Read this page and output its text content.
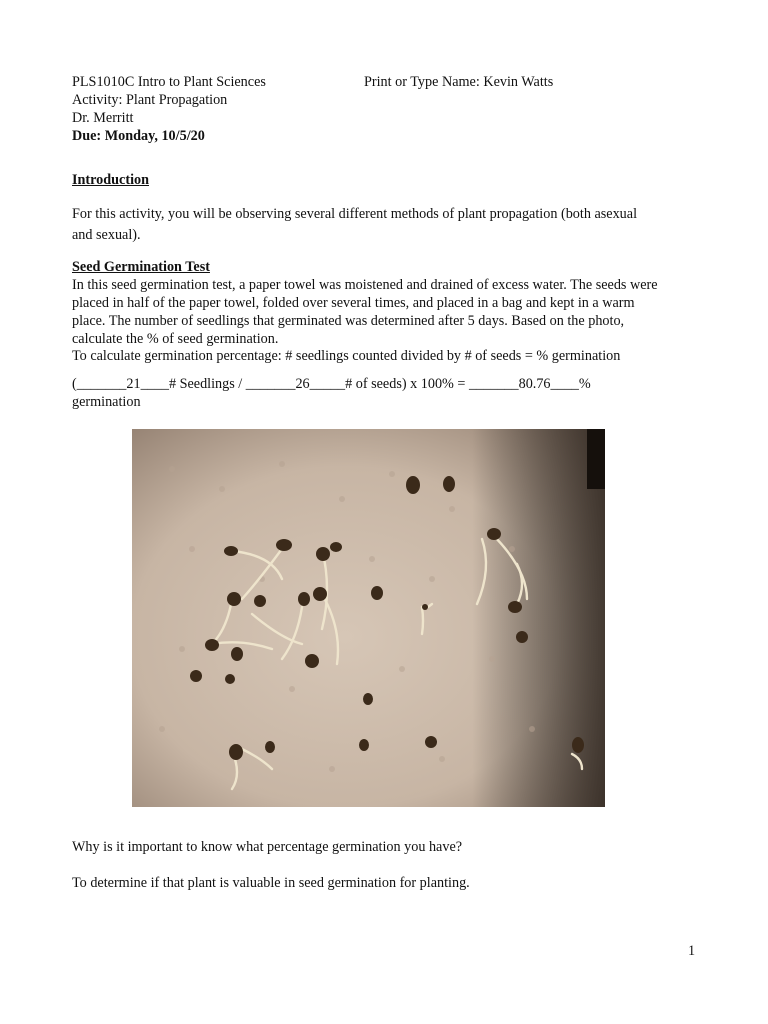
PLS1010C Intro to Plant Sciences	Print or Type Name: Kevin Watts
Activity: Plant Propagation
Dr. Merritt
Due: Monday, 10/5/20
Introduction
For this activity, you will be observing several different methods of plant propagation (both asexual
and sexual).
Seed Germination Test
In this seed germination test, a paper towel was moistened and drained of excess water. The seeds were
placed in half of the paper towel, folded over several times, and placed in a bag and kept in a warm
place. The number of seedlings that germinated was determined after 5 days. Based on the photo,
calculate the % of seed germination.
To calculate germination percentage: # seedlings counted divided by # of seeds = % germination
(_______21____# Seedlings / _______26_____# of seeds) x 100% = _______80.76____%
germination
Why is it important to know what percentage germination you have?
To determine if that plant is valuable in seed germination for planting.
1
